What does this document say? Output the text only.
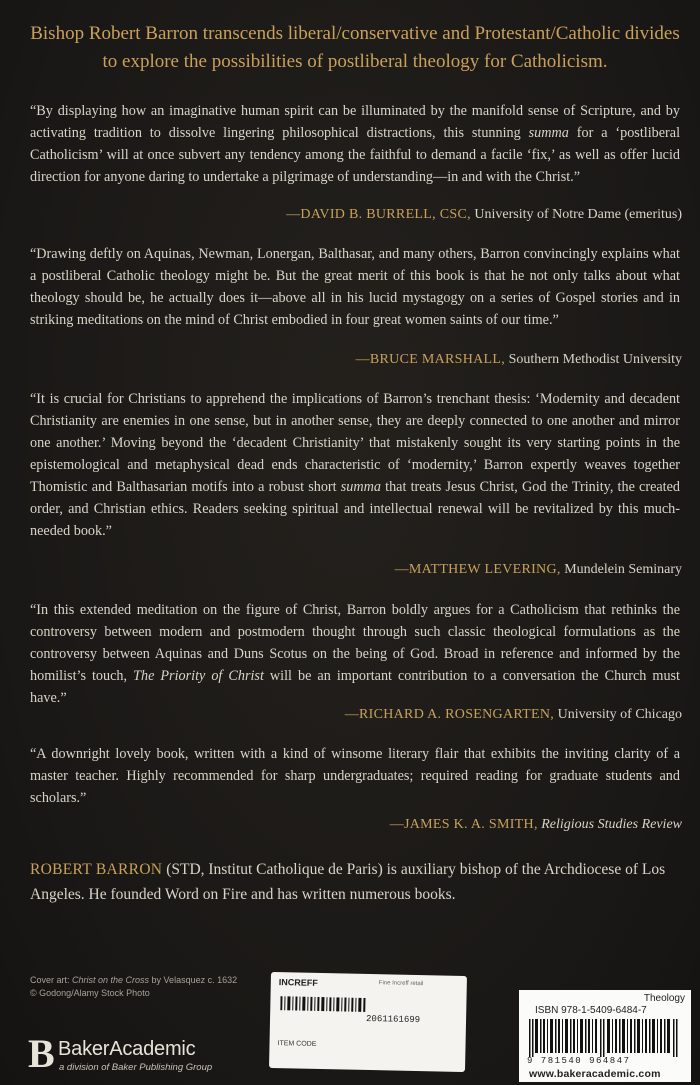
Bishop Robert Barron transcends liberal/conservative and Protestant/Catholic divides to explore the possibilities of postliberal theology for Catholicism.
“By displaying how an imaginative human spirit can be illuminated by the manifold sense of Scripture, and by activating tradition to dissolve lingering philosophical distractions, this stunning summa for a ‘postliberal Catholicism’ will at once subvert any tendency among the faithful to demand a facile ‘fix,’ as well as offer lucid direction for anyone daring to undertake a pilgrimage of understanding—in and with the Christ.”
—DAVID B. BURRELL, CSC, University of Notre Dame (emeritus)
“Drawing deftly on Aquinas, Newman, Lonergan, Balthasar, and many others, Barron convincingly explains what a postliberal Catholic theology might be. But the great merit of this book is that he not only talks about what theology should be, he actually does it—above all in his lucid mystagogy on a series of Gospel stories and in striking meditations on the mind of Christ embodied in four great women saints of our time.”
—BRUCE MARSHALL, Southern Methodist University
“It is crucial for Christians to apprehend the implications of Barron’s trenchant thesis: ‘Modernity and decadent Christianity are enemies in one sense, but in another sense, they are deeply connected to one another and mirror one another.’ Moving beyond the ‘decadent Christianity’ that mistakenly sought its very starting points in the epistemological and metaphysical dead ends characteristic of ‘modernity,’ Barron expertly weaves together Thomistic and Balthasarian motifs into a robust short summa that treats Jesus Christ, God the Trinity, the created order, and Christian ethics. Readers seeking spiritual and intellectual renewal will be revitalized by this much-needed book.”
—MATTHEW LEVERING, Mundelein Seminary
“In this extended meditation on the figure of Christ, Barron boldly argues for a Catholicism that rethinks the controversy between modern and postmodern thought through such classic theological formulations as the controversy between Aquinas and Duns Scotus on the being of God. Broad in reference and informed by the homilist’s touch, The Priority of Christ will be an important contribution to a conversation the Church must have.”
—RICHARD A. ROSENGARTEN, University of Chicago
“A downright lovely book, written with a kind of winsome literary flair that exhibits the inviting clarity of a master teacher. Highly recommended for sharp undergraduates; required reading for graduate students and scholars.”
—JAMES K. A. SMITH, Religious Studies Review
ROBERT BARRON (STD, Institut Catholique de Paris) is auxiliary bishop of the Archdiocese of Los Angeles. He founded Word on Fire and has written numerous books.
Cover art: Christ on the Cross by Velasquez c. 1632
© Godong/Alamy Stock Photo
B BakerAcademic
a division of Baker Publishing Group
INCREFF	Fine Increff retail
2061161699
ITEM CODE
Theology
ISBN 978-1-5409-6484-7
9 781540 964847
www.bakeracademic.com
